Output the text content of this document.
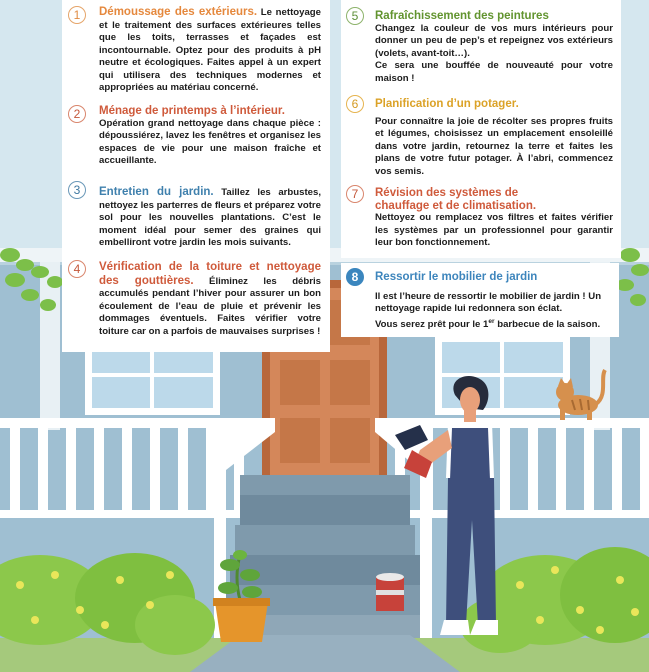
1	Démoussage des extérieurs. Le nettoyage et le traitement des surfaces extérieures telles que les toits, terrasses et façades est incontournable. Optez pour des produits à pH neutre et écologiques. Faites appel à un expert qui utilisera des techniques modernes et appropriées au matériau concerné.
2	Ménage de printemps à l’intérieur.
Opération grand nettoyage dans chaque pièce : dépoussiérez, lavez les fenêtres et organisez les espaces de vie pour une maison fraîche et accueillante.
3	Entretien du jardin. Taillez les arbustes, nettoyez les parterres de fleurs et préparez votre sol pour les nouvelles plantations. C’est le moment idéal pour semer des graines qui embelliront votre jardin les mois suivants.
4	Vérification de la toiture et nettoyage des gouttières. Éliminez les débris accumulés pendant l’hiver pour assurer un bon écoulement de l’eau de pluie et prévenir les dommages éventuels. Faites vérifier votre toiture car on a parfois de mauvaises surprises !
5	Rafraîchissement des peintures
Changez la couleur de vos murs intérieurs pour donner un peu de pep’s et repeignez vos extérieurs (volets, avant-toit…).
Ce sera une bouffée de nouveauté pour votre maison !
6	Planification d’un potager.
Pour connaître la joie de récolter ses propres fruits et légumes, choisissez un emplacement ensoleillé dans votre jardin, retournez la terre et faites les plans de votre futur potager. À l’abri, commencez vos semis.
7	Révision des systèmes de chauffage et de climatisation.
Nettoyez ou remplacez vos filtres et faites vérifier les systèmes par un professionnel pour garantir leur bon fonctionnement.
8	Ressortir le mobilier de jardin
Il est l’heure de ressortir le mobilier de jardin ! Un nettoyage rapide lui redonnera son éclat.
Vous serez prêt pour le 1er barbecue de la saison.
